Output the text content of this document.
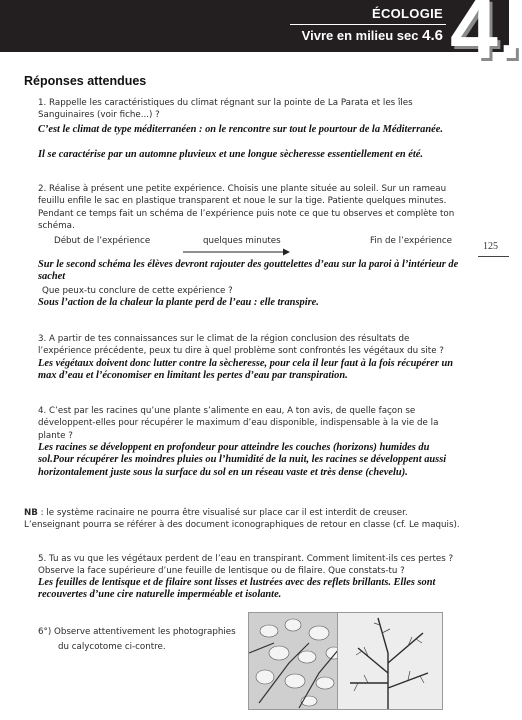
ÉCOLOGIE
Vivre en milieu sec 4.6 4.
125
Réponses attendues
1. Rappelle les caractéristiques du climat régnant sur la pointe de La Parata et les îles Sanguinaires (voir fiche...) ?
C’est le climat de type méditerranéen : on le rencontre sur tout le pourtour de la Méditerranée.
Il se caractérise par un automne pluvieux et une longue sècheresse essentiellement en été.
2. Réalise à présent une petite expérience. Choisis une plante située au soleil. Sur un rameau feuillu enfile le sac en plastique transparent et noue le sur la tige. Patiente quelques minutes. Pendant ce temps fait un schéma de l’expérience puis note ce que tu observes et complète ton schéma.
Début de l’expérience	quelques minutes	Fin de l’expérience
Sur le second schéma les élèves devront rajouter des gouttelettes d’eau sur la paroi à l’intérieur de sachet
Que peux-tu conclure de cette expérience ?
Sous l’action de la chaleur la plante perd de l’eau : elle transpire.
3. A partir de tes connaissances sur le climat de la région conclusion des résultats de l’expérience précédente, peux tu dire à quel problème sont confrontés les végétaux du site ?
Les végétaux doivent donc lutter contre la sècheresse, pour cela il leur faut à la fois récupérer un max d’eau et l’économiser en limitant les pertes d’eau par transpiration.
4. C’est par les racines qu’une plante s’alimente en eau, A ton avis, de quelle façon se développent-elles pour récupérer le maximum d’eau disponible, indispensable à la vie de la plante ?
Les racines se développent en profondeur pour atteindre les couches (horizons) humides du sol.Pour récupérer les moindres pluies ou l’humidité de la nuit, les racines se développent aussi horizontalement juste sous la surface du sol en un réseau vaste et très dense (chevelu).
NB : le système racinaire ne pourra être visualisé sur place car il est interdit de creuser. L’enseignant pourra se référer à des document iconographiques de retour en classe (cf. Le maquis).
5. Tu as vu que les végétaux perdent de l’eau en transpirant. Comment limitent-ils ces pertes ? Observe la face supérieure d’une feuille de lentisque ou de filaire. Que constats-tu ?
Les feuilles de lentisque et de filaire sont lisses et lustrées avec des reflets brillants. Elles sont recouvertes d’une cire naturelle imperméable et isolante.
6°) Observe attentivement les photographies
du calycotome ci-contre.
